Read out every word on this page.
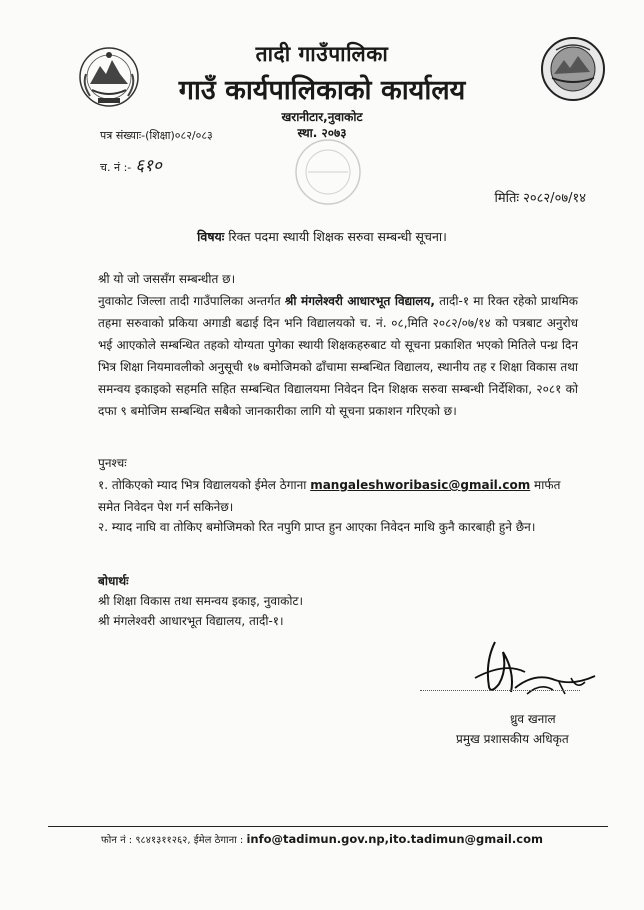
तादी गाउँपालिका
गाउँ कार्यपालिकाको कार्यालय
खरानीटार,नुवाकोट
स्था. २०७३
पत्र संख्याः-(शिक्षा)०८२/०८३
च. नं :- ६१०
मितिः २०८२/०७/१४
विषयः रिक्त पदमा स्थायी शिक्षक सरुवा सम्बन्धी सूचना।
श्री यो जो जससँग सम्बन्धीत छ।
नुवाकोट जिल्ला तादी गाउँपालिका अन्तर्गत श्री मंगलेश्वरी आधारभूत विद्यालय, तादी-१ मा रिक्त रहेको प्राथमिक तहमा सरुवाको प्रकिया अगाडी बढाई दिन भनि विद्यालयको च. नं. ०८,मिति २०८२/०७/१४ को पत्रबाट अनुरोध भई आएकोले सम्बन्धित तहको योग्यता पुगेका स्थायी शिक्षकहरुबाट यो सूचना प्रकाशित भएको मितिले पन्ध्र दिन भित्र शिक्षा नियमावलीको अनुसूची १७ बमोजिमको ढाँचामा सम्बन्धित विद्यालय, स्थानीय तह र शिक्षा विकास तथा समन्वय इकाइको सहमति सहित सम्बन्धित विद्यालयमा निवेदन दिन शिक्षक सरुवा सम्बन्धी निर्देशिका, २०८१ को दफा ९ बमोजिम सम्बन्धित सबैको जानकारीका लागि यो सूचना प्रकाशन गरिएको छ।
पुनश्चः
१. तोकिएको म्याद भित्र विद्यालयको ईमेल ठेगाना mangaleshworibasic@gmail.com मार्फत समेत निवेदन पेश गर्न सकिनेछ।
२. म्याद नाघि वा तोकिए बमोजिमको रित नपुगि प्राप्त हुन आएका निवेदन माथि कुनै कारबाही हुने छैन।
बोधार्थः
श्री शिक्षा विकास तथा समन्वय इकाइ, नुवाकोट।
श्री मंगलेश्वरी आधारभूत विद्यालय, तादी-१।
ध्रुव खनाल
प्रमुख प्रशासकीय अधिकृत
फोन नं : ९८४१३११२६२, ईमेल ठेगाना : info@tadimun.gov.np,ito.tadimun@gmail.com
